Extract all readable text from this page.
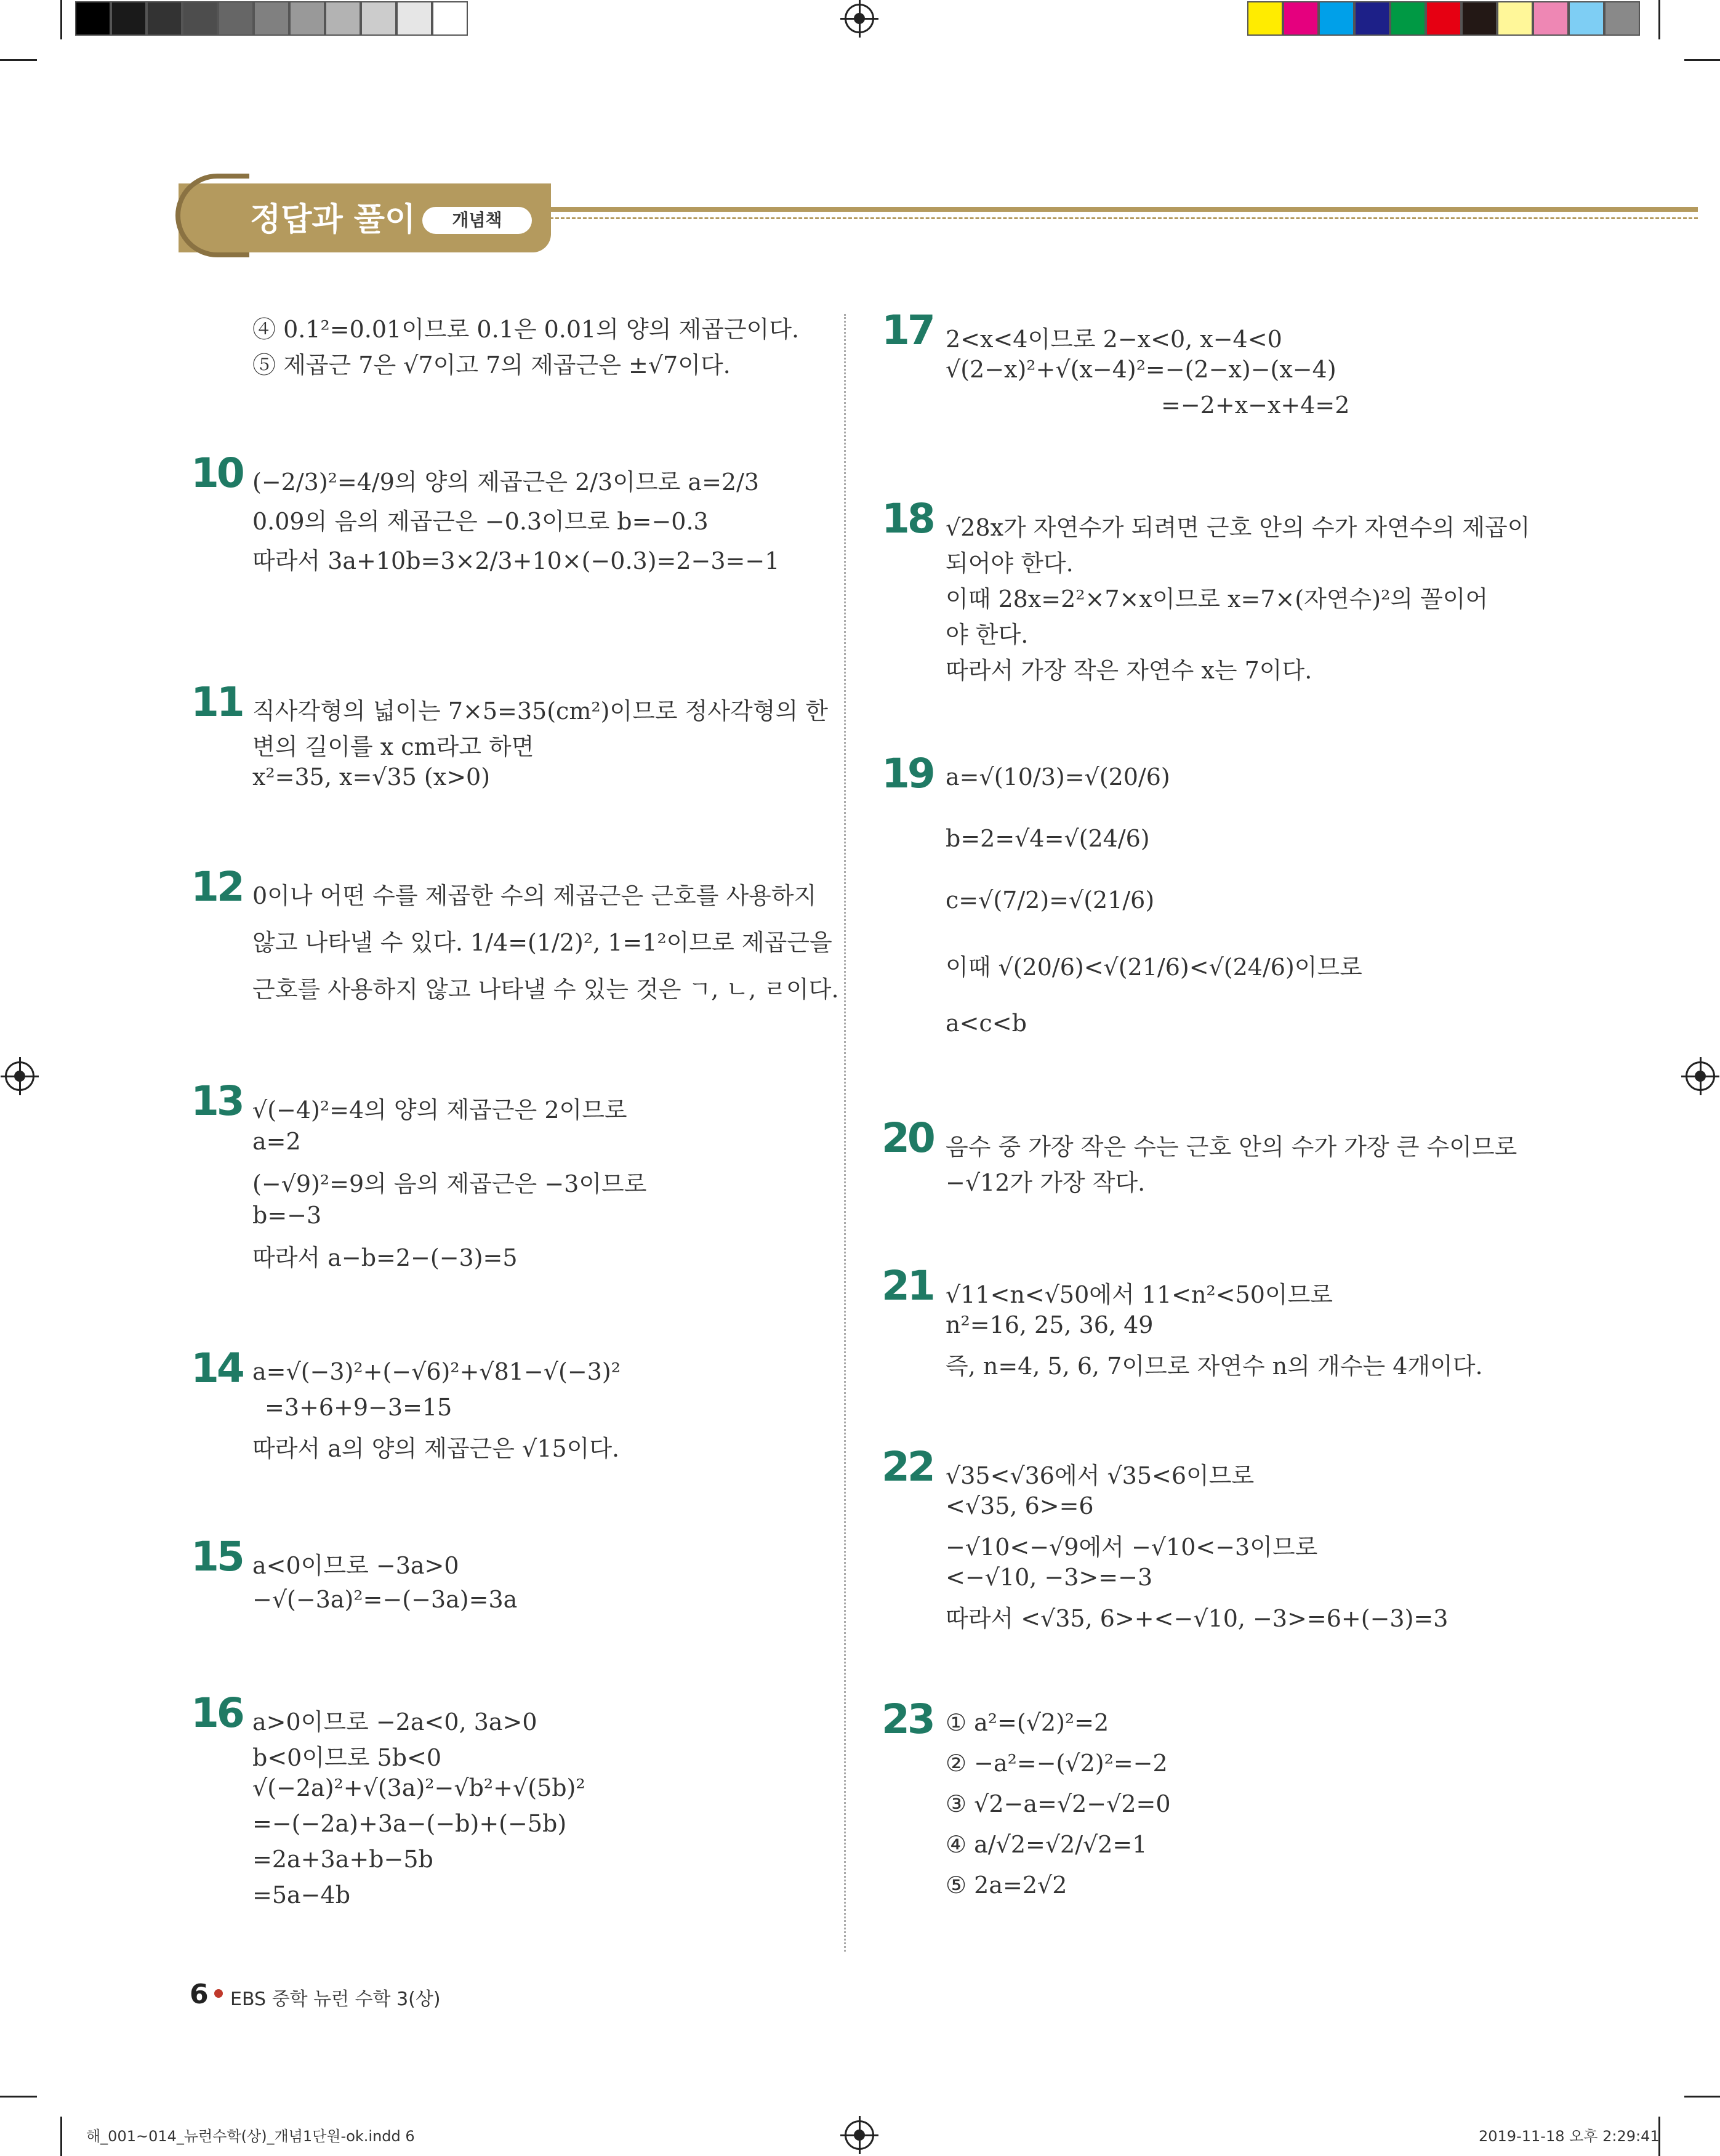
정답과 풀이	개념책
④ 0.1²=0.01이므로 0.1은 0.01의 양의 제곱근이다.
⑤ 제곱근 7은 √7이고 7의 제곱근은 ±√7이다.
10 (−2/3)²=4/9의 양의 제곱근은 2/3이므로 a=2/3
0.09의 음의 제곱근은 −0.3이므로 b=−0.3
따라서 3a+10b=3×2/3+10×(−0.3)=2−3=−1
11 직사각형의 넓이는 7×5=35(cm²)이므로 정사각형의 한
변의 길이를 x cm라고 하면
x²=35, x=√35 (x>0)
12 0이나 어떤 수를 제곱한 수의 제곱근은 근호를 사용하지
않고 나타낼 수 있다. 1/4=(1/2)², 1=1²이므로 제곱근을
근호를 사용하지 않고 나타낼 수 있는 것은 ㄱ, ㄴ, ㄹ이다.
13 √(−4)²=4의 양의 제곱근은 2이므로
a=2
(−√9)²=9의 음의 제곱근은 −3이므로
b=−3
따라서 a−b=2−(−3)=5
14 a=√(−3)²+(−√6)²+√81−√(−3)²
=3+6+9−3=15
따라서 a의 양의 제곱근은 √15이다.
15 a<0이므로 −3a>0
−√(−3a)²=−(−3a)=3a
16 a>0이므로 −2a<0, 3a>0
b<0이므로 5b<0
√(−2a)²+√(3a)²−√b²+√(5b)²
=−(−2a)+3a−(−b)+(−5b)
=2a+3a+b−5b
=5a−4b
17 2<x<4이므로 2−x<0, x−4<0
√(2−x)²+√(x−4)²=−(2−x)−(x−4)
=−2+x−x+4=2
18 √28x가 자연수가 되려면 근호 안의 수가 자연수의 제곱이
되어야 한다.
이때 28x=2²×7×x이므로 x=7×(자연수)²의 꼴이어
야 한다.
따라서 가장 작은 자연수 x는 7이다.
19 a=√(10/3)=√(20/6)
b=2=√4=√(24/6)
c=√(7/2)=√(21/6)
이때 √(20/6)<√(21/6)<√(24/6)이므로
a<c<b
20 음수 중 가장 작은 수는 근호 안의 수가 가장 큰 수이므로
−√12가 가장 작다.
21 √11<n<√50에서 11<n²<50이므로
n²=16, 25, 36, 49
즉, n=4, 5, 6, 7이므로 자연수 n의 개수는 4개이다.
22 √35<√36에서 √35<6이므로
<√35, 6>=6
−√10<−√9에서 −√10<−3이므로
<−√10, −3>=−3
따라서 <√35, 6>+<−√10, −3>=6+(−3)=3
23 ① a²=(√2)²=2
② −a²=−(√2)²=−2
③ √2−a=√2−√2=0
④ a/√2=√2/√2=1
⑤ 2a=2√2
6 EBS 중학 뉴런 수학 3(상)
해_001~014_뉴런수학(상)_개념1단원-ok.indd 6	2019-11-18 오후 2:29:41
